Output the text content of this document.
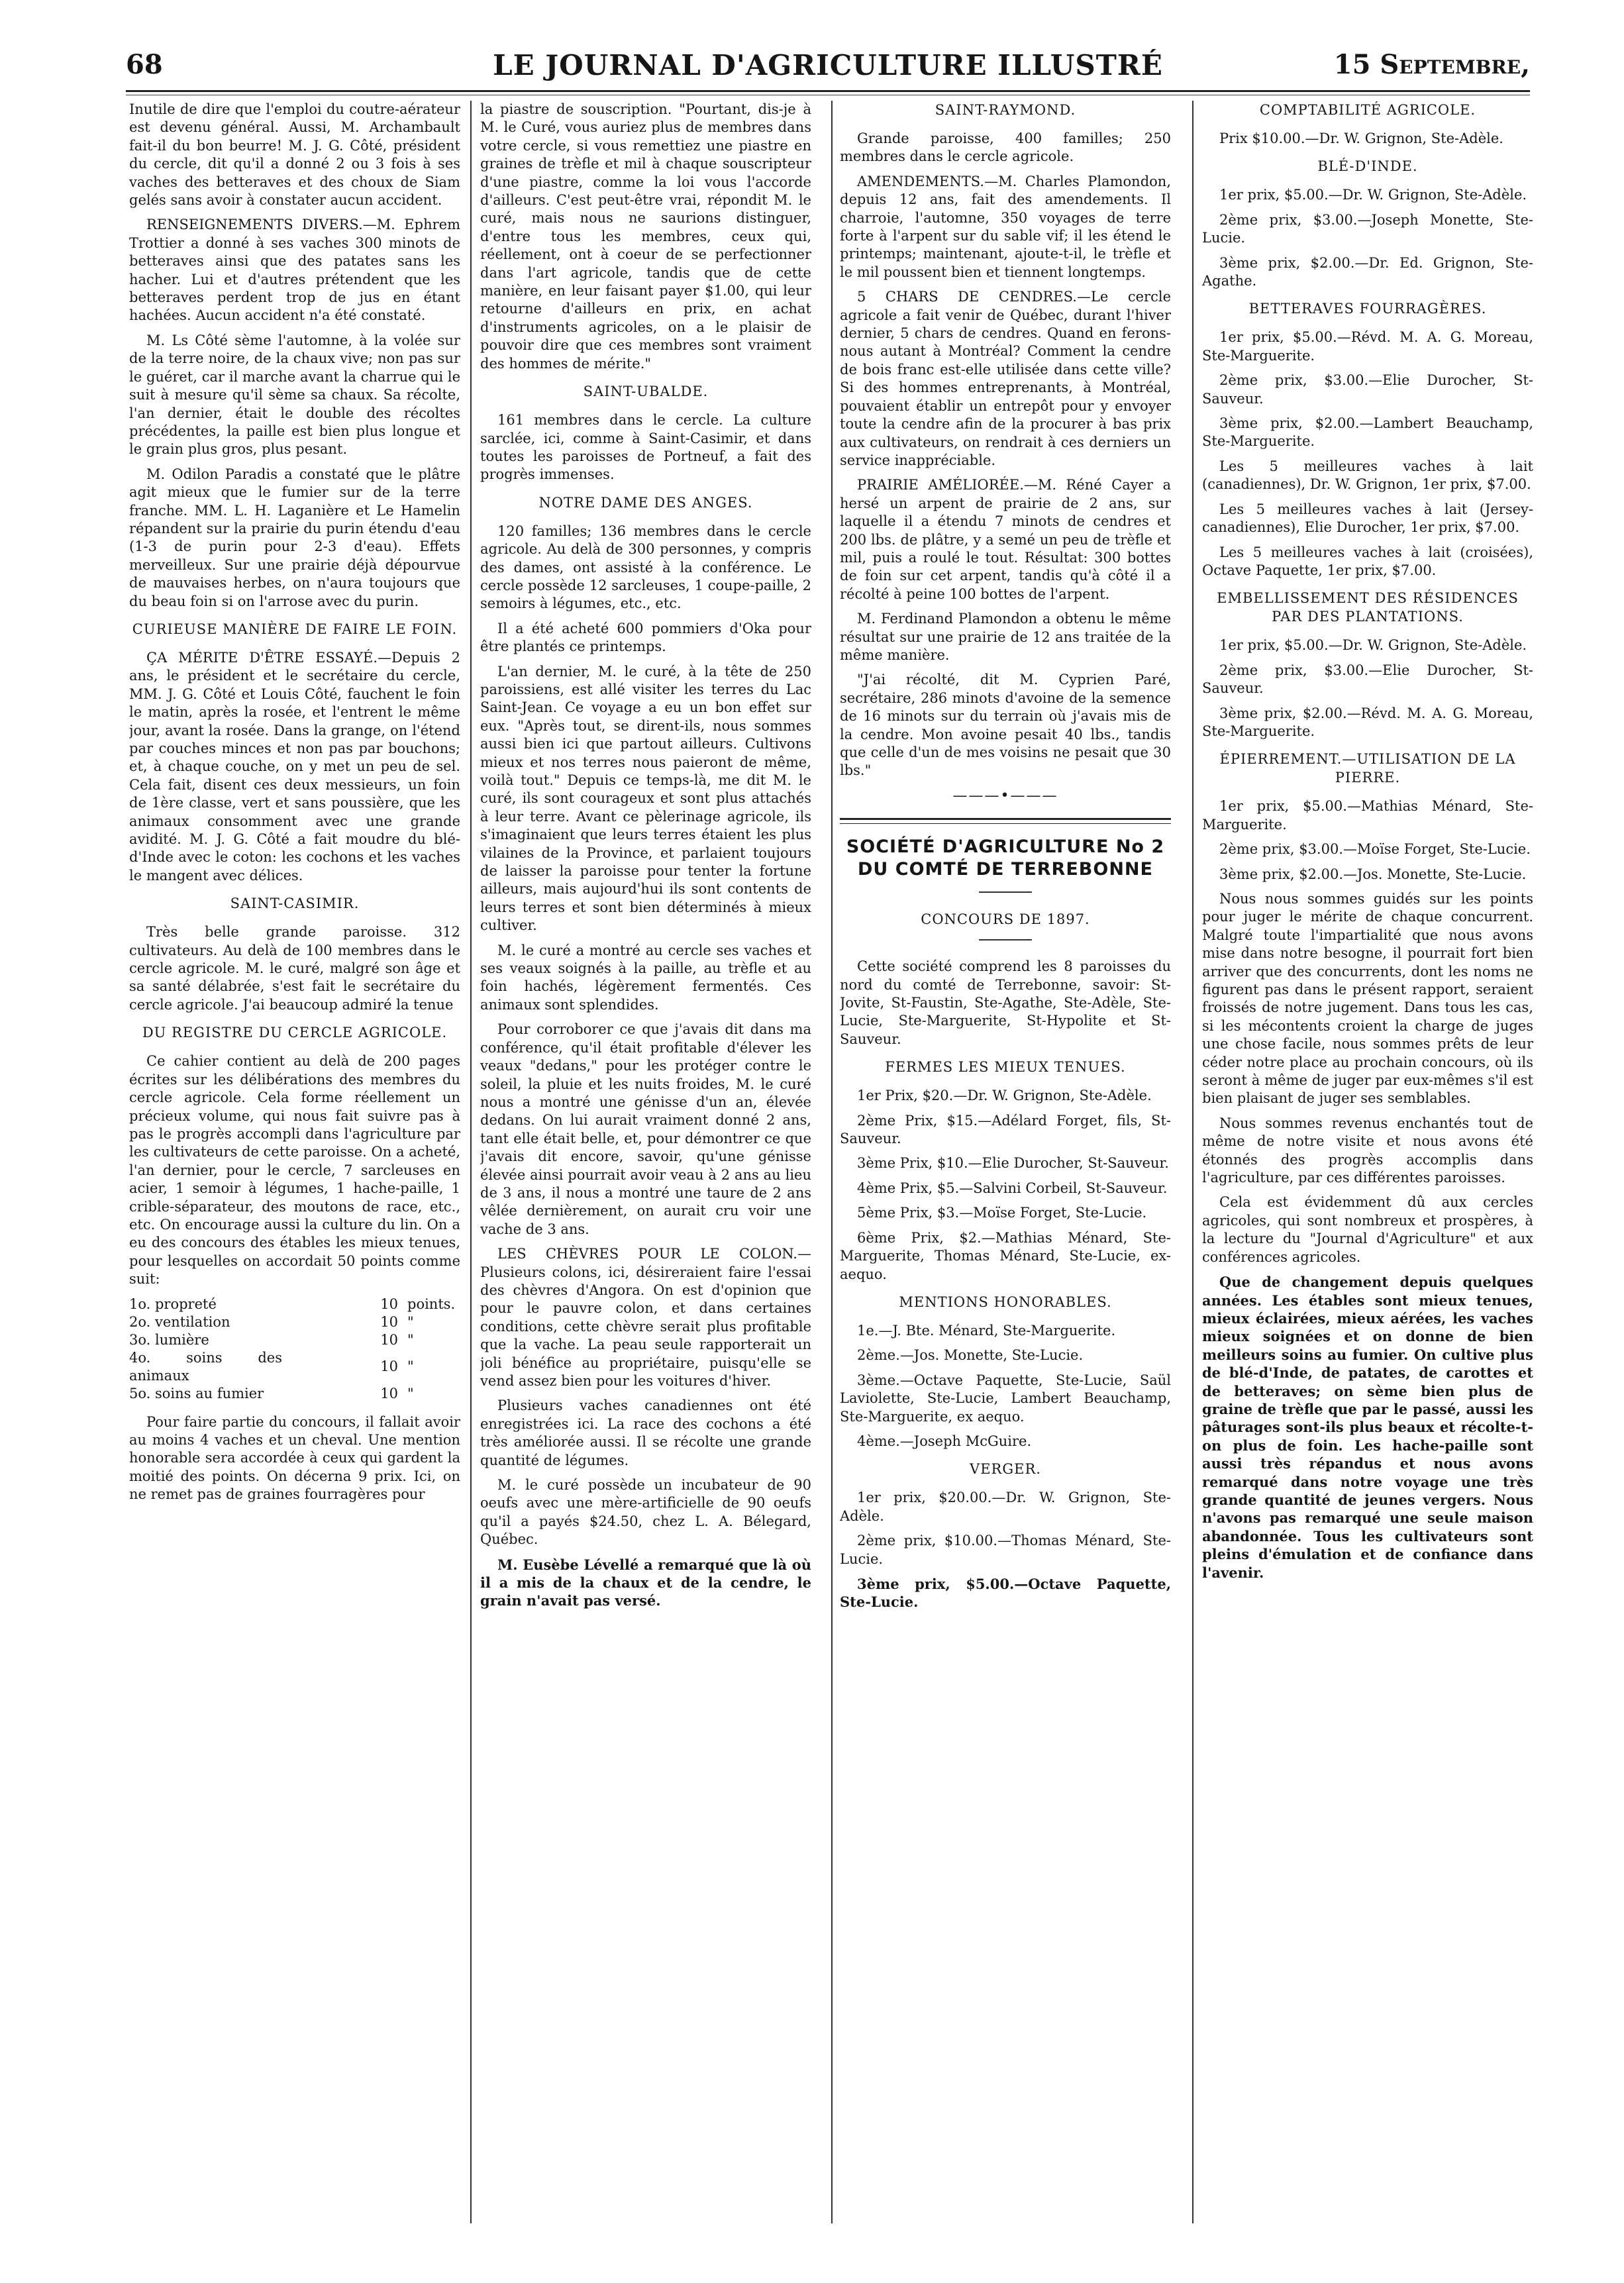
68	LE JOURNAL D'AGRICULTURE ILLUSTRÉ	15 Septembre,

Inutile de dire que l'emploi du coutre-aérateur est devenu général. Aussi, M. Archambault fait-il du bon beurre! M. J. G. Côté, président du cercle, dit qu'il a donné 2 ou 3 fois à ses vaches des betteraves et des choux de Siam gelés sans avoir à constater aucun accident.

RENSEIGNEMENTS DIVERS.—M. Ephrem Trottier a donné à ses vaches 300 minots de betteraves ainsi que des patates sans les hacher. Lui et d'autres prétendent que les betteraves perdent trop de jus en étant hachées. Aucun accident n'a été constaté.

M. Ls Côté sème l'automne, à la volée sur de la terre noire, de la chaux vive; non pas sur le guéret, car il marche avant la charrue qui le suit à mesure qu'il sème sa chaux. Sa récolte, l'an dernier, était le double des récoltes précédentes, la paille est bien plus longue et le grain plus gros, plus pesant.

M. Odilon Paradis a constaté que le plâtre agit mieux que le fumier sur de la terre franche. MM. L. H. Laganière et Le Hamelin répandent sur la prairie du purin étendu d'eau (1-3 de purin pour 2-3 d'eau). Effets merveilleux. Sur une prairie déjà dépourvue de mauvaises herbes, on n'aura toujours que du beau foin si on l'arrose avec du purin.

CURIEUSE MANIÈRE DE FAIRE LE FOIN.

ÇA MÉRITE D'ÊTRE ESSAYÉ.—Depuis 2 ans, le président et le secrétaire du cercle, MM. J. G. Côté et Louis Côté, fauchent le foin le matin, après la rosée, et l'entrent le même jour, avant la rosée. Dans la grange, on l'étend par couches minces et non pas par bouchons; et, à chaque couche, on y met un peu de sel. Cela fait, disent ces deux messieurs, un foin de 1ère classe, vert et sans poussière, que les animaux consomment avec une grande avidité. M. J. G. Côté a fait moudre du blé-d'Inde avec le coton: les cochons et les vaches le mangent avec délices.

SAINT-CASIMIR.

Très belle grande paroisse. 312 cultivateurs. Au delà de 100 membres dans le cercle agricole. M. le curé, malgré son âge et sa santé délabrée, s'est fait le secrétaire du cercle agricole. J'ai beaucoup admiré la tenue

DU REGISTRE DU CERCLE AGRICOLE.

Ce cahier contient au delà de 200 pages écrites sur les délibérations des membres du cercle agricole. Cela forme réellement un précieux volume, qui nous fait suivre pas à pas le progrès accompli dans l'agriculture par les cultivateurs de cette paroisse. On a acheté, l'an dernier, pour le cercle, 7 sarcleuses en acier, 1 semoir à légumes, 1 hache-paille, 1 crible-séparateur, des moutons de race, etc., etc. On encourage aussi la culture du lin. On a eu des concours des étables les mieux tenues, pour lesquelles on accordait 50 points comme suit:

1o. propreté	10	points.
2o. ventilation	10	"
3o. lumière	10	"
4o. soins des animaux	10	"
5o. soins au fumier	10	"

Pour faire partie du concours, il fallait avoir au moins 4 vaches et un cheval. Une mention honorable sera accordée à ceux qui gardent la moitié des points. On décerna 9 prix. Ici, on ne remet pas de graines fourragères pour

la piastre de souscription. "Pourtant, dis-je à M. le Curé, vous auriez plus de membres dans votre cercle, si vous remettiez une piastre en graines de trèfle et mil à chaque souscripteur d'une piastre, comme la loi vous l'accorde d'ailleurs. C'est peut-être vrai, répondit M. le curé, mais nous ne saurions distinguer, d'entre tous les membres, ceux qui, réellement, ont à coeur de se perfectionner dans l'art agricole, tandis que de cette manière, en leur faisant payer $1.00, qui leur retourne d'ailleurs en prix, en achat d'instruments agricoles, on a le plaisir de pouvoir dire que ces membres sont vraiment des hommes de mérite."

SAINT-UBALDE.

161 membres dans le cercle. La culture sarclée, ici, comme à Saint-Casimir, et dans toutes les paroisses de Portneuf, a fait des progrès immenses.

NOTRE DAME DES ANGES.

120 familles; 136 membres dans le cercle agricole. Au delà de 300 personnes, y compris des dames, ont assisté à la conférence. Le cercle possède 12 sarcleuses, 1 coupe-paille, 2 semoirs à légumes, etc., etc.

Il a été acheté 600 pommiers d'Oka pour être plantés ce printemps.

L'an dernier, M. le curé, à la tête de 250 paroissiens, est allé visiter les terres du Lac Saint-Jean. Ce voyage a eu un bon effet sur eux. "Après tout, se dirent-ils, nous sommes aussi bien ici que partout ailleurs. Cultivons mieux et nos terres nous paieront de même, voilà tout." Depuis ce temps-là, me dit M. le curé, ils sont courageux et sont plus attachés à leur terre. Avant ce pèlerinage agricole, ils s'imaginaient que leurs terres étaient les plus vilaines de la Province, et parlaient toujours de laisser la paroisse pour tenter la fortune ailleurs, mais aujourd'hui ils sont contents de leurs terres et sont bien déterminés à mieux cultiver.

M. le curé a montré au cercle ses vaches et ses veaux soignés à la paille, au trèfle et au foin hachés, légèrement fermentés. Ces animaux sont splendides.

Pour corroborer ce que j'avais dit dans ma conférence, qu'il était profitable d'élever les veaux "dedans," pour les protéger contre le soleil, la pluie et les nuits froides, M. le curé nous a montré une génisse d'un an, élevée dedans. On lui aurait vraiment donné 2 ans, tant elle était belle, et, pour démontrer ce que j'avais dit encore, savoir, qu'une génisse élevée ainsi pourrait avoir veau à 2 ans au lieu de 3 ans, il nous a montré une taure de 2 ans vêlée dernièrement, on aurait cru voir une vache de 3 ans.

LES CHÈVRES POUR LE COLON.—Plusieurs colons, ici, désireraient faire l'essai des chèvres d'Angora. On est d'opinion que pour le pauvre colon, et dans certaines conditions, cette chèvre serait plus profitable que la vache. La peau seule rapporterait un joli bénéfice au propriétaire, puisqu'elle se vend assez bien pour les voitures d'hiver.

Plusieurs vaches canadiennes ont été enregistrées ici. La race des cochons a été très améliorée aussi. Il se récolte une grande quantité de légumes.

M. le curé possède un incubateur de 90 oeufs avec une mère-artificielle de 90 oeufs qu'il a payés $24.50, chez L. A. Bélegard, Québec.

M. Eusèbe Lévellé a remarqué que là où il a mis de la chaux et de la cendre, le grain n'avait pas versé.

SAINT-RAYMOND.

Grande paroisse, 400 familles; 250 membres dans le cercle agricole.

AMENDEMENTS.—M. Charles Plamondon, depuis 12 ans, fait des amendements. Il charroie, l'automne, 350 voyages de terre forte à l'arpent sur du sable vif; il les étend le printemps; maintenant, ajoute-t-il, le trèfle et le mil poussent bien et tiennent longtemps.

5 CHARS DE CENDRES.—Le cercle agricole a fait venir de Québec, durant l'hiver dernier, 5 chars de cendres. Quand en ferons-nous autant à Montréal? Comment la cendre de bois franc est-elle utilisée dans cette ville? Si des hommes entreprenants, à Montréal, pouvaient établir un entrepôt pour y envoyer toute la cendre afin de la procurer à bas prix aux cultivateurs, on rendrait à ces derniers un service inappréciable.

PRAIRIE AMÉLIORÉE.—M. Réné Cayer a hersé un arpent de prairie de 2 ans, sur laquelle il a étendu 7 minots de cendres et 200 lbs. de plâtre, y a semé un peu de trèfle et mil, puis a roulé le tout. Résultat: 300 bottes de foin sur cet arpent, tandis qu'à côté il a récolté à peine 100 bottes de l'arpent.

M. Ferdinand Plamondon a obtenu le même résultat sur une prairie de 12 ans traitée de la même manière.

"J'ai récolté, dit M. Cyprien Paré, secrétaire, 286 minots d'avoine de la semence de 16 minots sur du terrain où j'avais mis de la cendre. Mon avoine pesait 40 lbs., tandis que celle d'un de mes voisins ne pesait que 30 lbs."

———•———
SOCIÉTÉ D'AGRICULTURE No 2 DU COMTÉ DE TERREBONNE
CONCOURS DE 1897.

Cette société comprend les 8 paroisses du nord du comté de Terrebonne, savoir: St-Jovite, St-Faustin, Ste-Agathe, Ste-Adèle, Ste-Lucie, Ste-Marguerite, St-Hypolite et St-Sauveur.

FERMES LES MIEUX TENUES.

1er Prix, $20.—Dr. W. Grignon, Ste-Adèle.

2ème Prix, $15.—Adélard Forget, fils, St-Sauveur.

3ème Prix, $10.—Elie Durocher, St-Sauveur.

4ème Prix, $5.—Salvini Corbeil, St-Sauveur.

5ème Prix, $3.—Moïse Forget, Ste-Lucie.

6ème Prix, $2.—Mathias Ménard, Ste-Marguerite, Thomas Ménard, Ste-Lucie, ex-aequo.

MENTIONS HONORABLES.

1e.—J. Bte. Ménard, Ste-Marguerite.

2ème.—Jos. Monette, Ste-Lucie.

3ème.—Octave Paquette, Ste-Lucie, Saül Laviolette, Ste-Lucie, Lambert Beauchamp, Ste-Marguerite, ex aequo.

4ème.—Joseph McGuire.

VERGER.

1er prix, $20.00.—Dr. W. Grignon, Ste-Adèle.

2ème prix, $10.00.—Thomas Ménard, Ste-Lucie.

3ème prix, $5.00.—Octave Paquette, Ste-Lucie.

COMPTABILITÉ AGRICOLE.

Prix $10.00.—Dr. W. Grignon, Ste-Adèle.

BLÉ-D'INDE.

1er prix, $5.00.—Dr. W. Grignon, Ste-Adèle.

2ème prix, $3.00.—Joseph Monette, Ste-Lucie.

3ème prix, $2.00.—Dr. Ed. Grignon, Ste-Agathe.

BETTERAVES FOURRAGÈRES.

1er prix, $5.00.—Révd. M. A. G. Moreau, Ste-Marguerite.

2ème prix, $3.00.—Elie Durocher, St-Sauveur.

3ème prix, $2.00.—Lambert Beauchamp, Ste-Marguerite.

Les 5 meilleures vaches à lait (canadiennes), Dr. W. Grignon, 1er prix, $7.00.

Les 5 meilleures vaches à lait (Jersey-canadiennes), Elie Durocher, 1er prix, $7.00.

Les 5 meilleures vaches à lait (croisées), Octave Paquette, 1er prix, $7.00.

EMBELLISSEMENT DES RÉSIDENCES PAR DES PLANTATIONS.

1er prix, $5.00.—Dr. W. Grignon, Ste-Adèle.

2ème prix, $3.00.—Elie Durocher, St-Sauveur.

3ème prix, $2.00.—Révd. M. A. G. Moreau, Ste-Marguerite.

ÉPIERREMENT.—UTILISATION DE LA PIERRE.

1er prix, $5.00.—Mathias Ménard, Ste-Marguerite.

2ème prix, $3.00.—Moïse Forget, Ste-Lucie.

3ème prix, $2.00.—Jos. Monette, Ste-Lucie.

Nous nous sommes guidés sur les points pour juger le mérite de chaque concurrent. Malgré toute l'impartialité que nous avons mise dans notre besogne, il pourrait fort bien arriver que des concurrents, dont les noms ne figurent pas dans le présent rapport, seraient froissés de notre jugement. Dans tous les cas, si les mécontents croient la charge de juges une chose facile, nous sommes prêts de leur céder notre place au prochain concours, où ils seront à même de juger par eux-mêmes s'il est bien plaisant de juger ses semblables.

Nous sommes revenus enchantés tout de même de notre visite et nous avons été étonnés des progrès accomplis dans l'agriculture, par ces différentes paroisses.

Cela est évidemment dû aux cercles agricoles, qui sont nombreux et prospères, à la lecture du "Journal d'Agriculture" et aux conférences agricoles.

Que de changement depuis quelques années. Les étables sont mieux tenues, mieux éclairées, mieux aérées, les vaches mieux soignées et on donne de bien meilleurs soins au fumier. On cultive plus de blé-d'Inde, de patates, de carottes et de betteraves; on sème bien plus de graine de trèfle que par le passé, aussi les pâturages sont-ils plus beaux et récolte-t-on plus de foin. Les hache-paille sont aussi très répandus et nous avons remarqué dans notre voyage une très grande quantité de jeunes vergers. Nous n'avons pas remarqué une seule maison abandonnée. Tous les cultivateurs sont pleins d'émulation et de confiance dans l'avenir.
